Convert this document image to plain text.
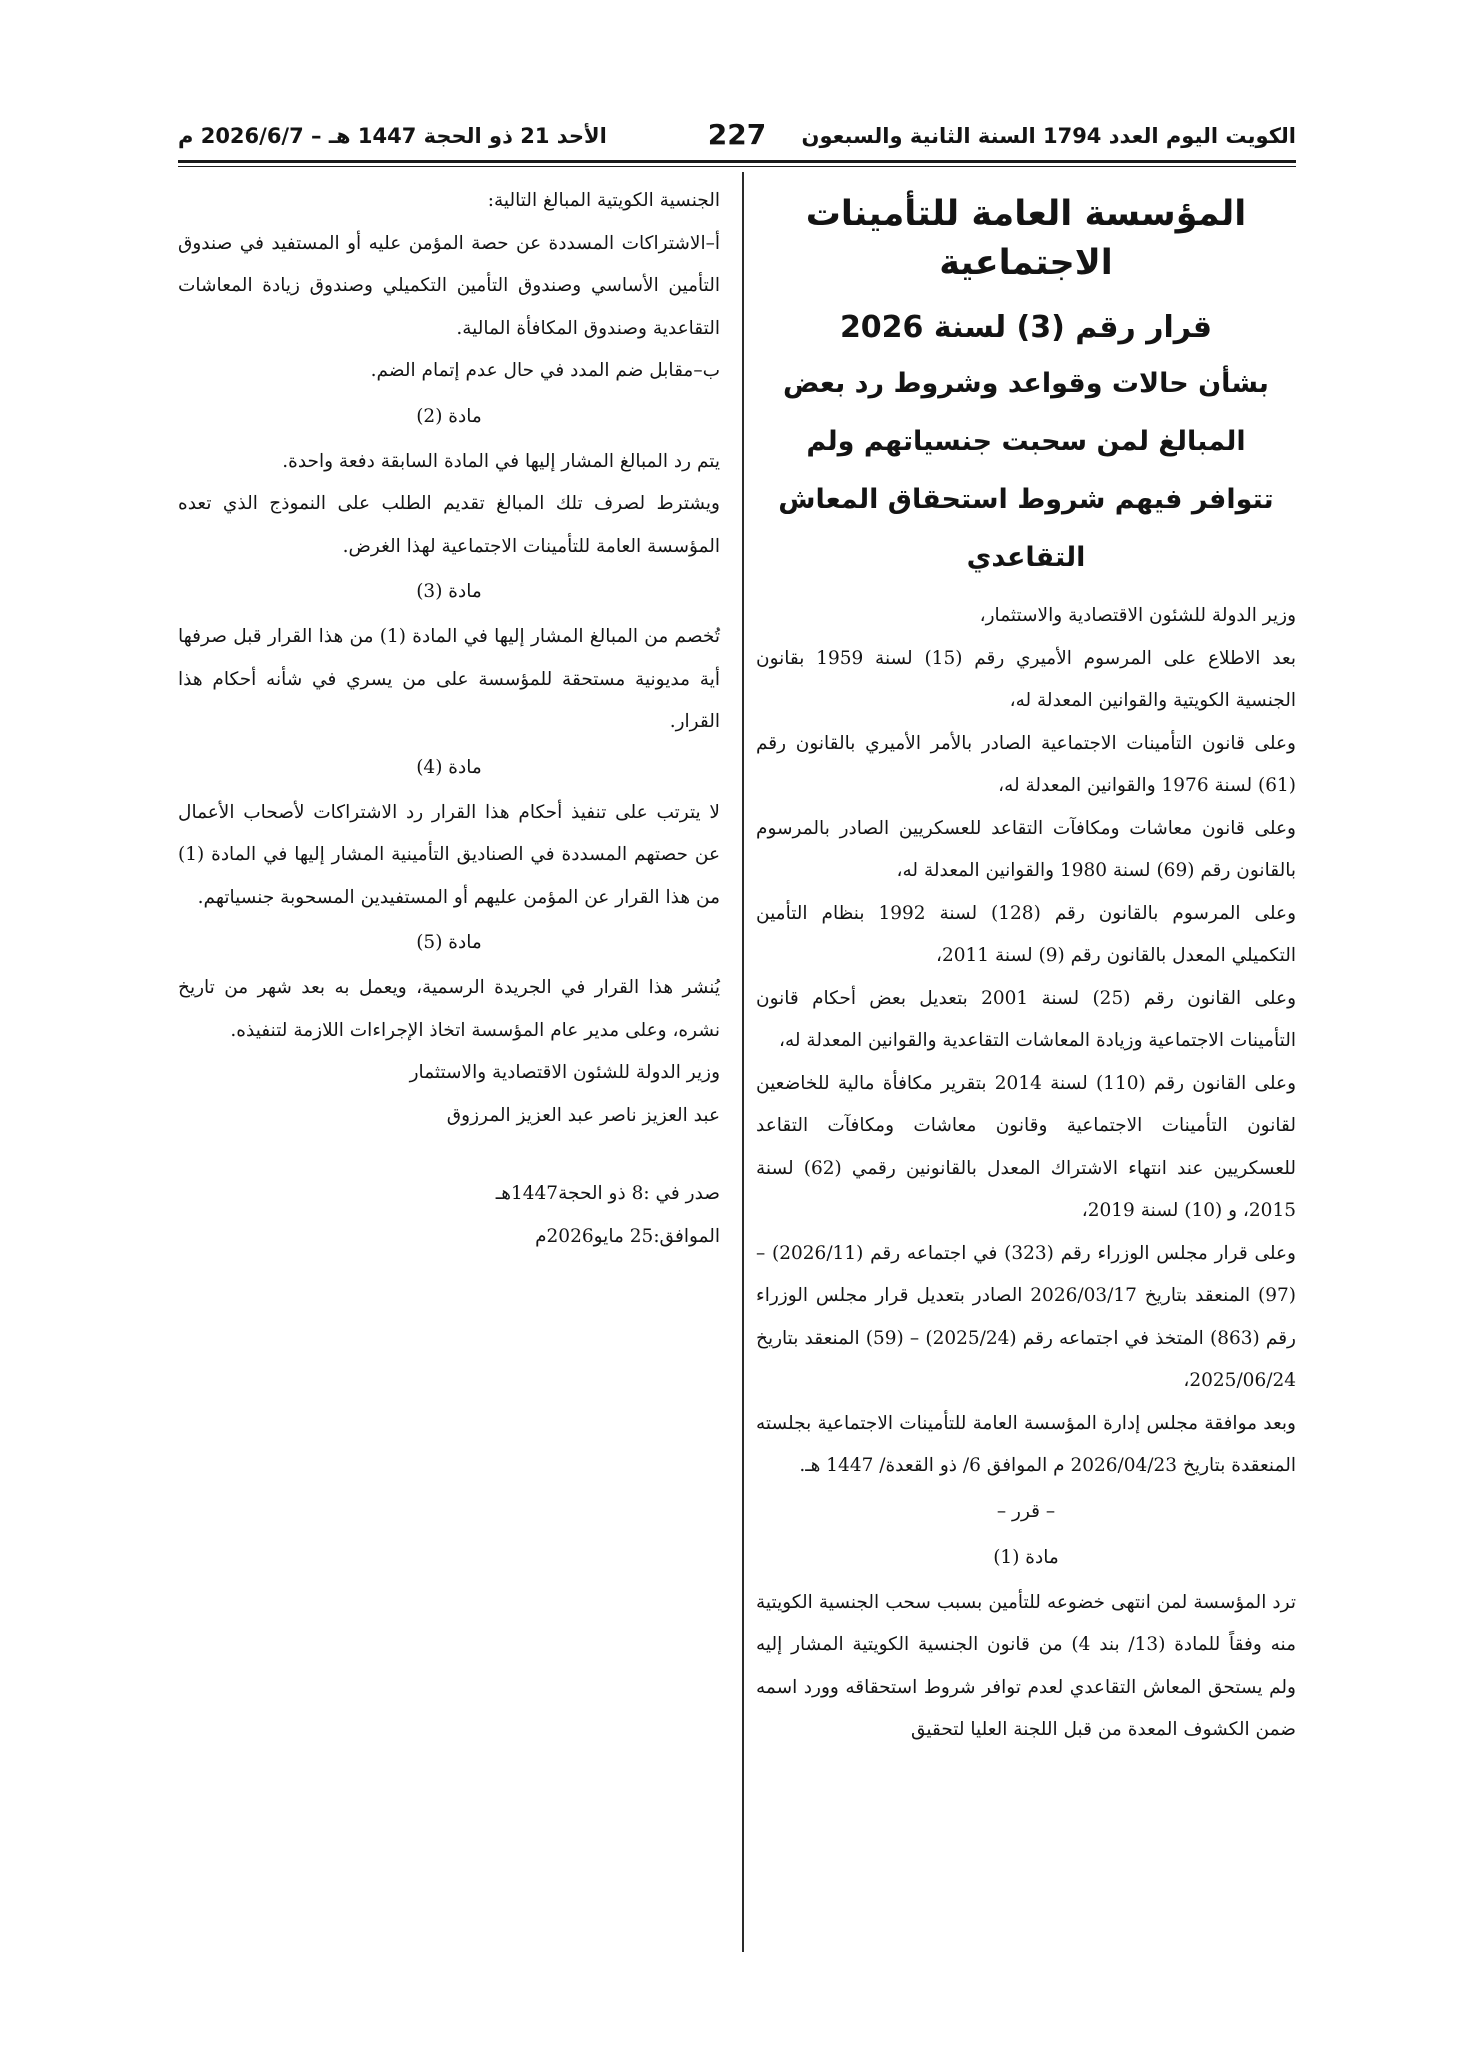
الكويت اليوم العدد 1794 السنة الثانية والسبعون
227
الأحد 21 ذو الحجة 1447 هـ – 2026/6/7 م
المؤسسة العامة للتأمينات الاجتماعية
قرار رقم (3) لسنة 2026
بشأن حالات وقواعد وشروط رد بعض المبالغ لمن سحبت جنسياتهم ولم تتوافر فيهم شروط استحقاق المعاش التقاعدي

وزير الدولة للشئون الاقتصادية والاستثمار،

بعد الاطلاع على المرسوم الأميري رقم (15) لسنة 1959 بقانون الجنسية الكويتية والقوانين المعدلة له،

وعلى قانون التأمينات الاجتماعية الصادر بالأمر الأميري بالقانون رقم (61) لسنة 1976 والقوانين المعدلة له،

وعلى قانون معاشات ومكافآت التقاعد للعسكريين الصادر بالمرسوم بالقانون رقم (69) لسنة 1980 والقوانين المعدلة له،

وعلى المرسوم بالقانون رقم (128) لسنة 1992 بنظام التأمين التكميلي المعدل بالقانون رقم (9) لسنة 2011،

وعلى القانون رقم (25) لسنة 2001 بتعديل بعض أحكام قانون التأمينات الاجتماعية وزيادة المعاشات التقاعدية والقوانين المعدلة له،

وعلى القانون رقم (110) لسنة 2014 بتقرير مكافأة مالية للخاضعين لقانون التأمينات الاجتماعية وقانون معاشات ومكافآت التقاعد للعسكريين عند انتهاء الاشتراك المعدل بالقانونين رقمي (62) لسنة 2015، و (10) لسنة 2019،

وعلى قرار مجلس الوزراء رقم (323) في اجتماعه رقم (2026/11) – (97) المنعقد بتاريخ 2026/03/17 الصادر بتعديل قرار مجلس الوزراء رقم (863) المتخذ في اجتماعه رقم (2025/24) – (59) المنعقد بتاريخ 2025/06/24،

وبعد موافقة مجلس إدارة المؤسسة العامة للتأمينات الاجتماعية بجلسته المنعقدة بتاريخ 2026/04/23 م الموافق 6/ ذو القعدة/ 1447 هـ.

– قرر –
مادة (1)

ترد المؤسسة لمن انتهى خضوعه للتأمين بسبب سحب الجنسية الكويتية منه وفقاً للمادة (13/ بند 4) من قانون الجنسية الكويتية المشار إليه ولم يستحق المعاش التقاعدي لعدم توافر شروط استحقاقه وورد اسمه ضمن الكشوف المعدة من قبل اللجنة العليا لتحقيق

الجنسية الكويتية المبالغ التالية:

أ–الاشتراكات المسددة عن حصة المؤمن عليه أو المستفيد في صندوق التأمين الأساسي وصندوق التأمين التكميلي وصندوق زيادة المعاشات التقاعدية وصندوق المكافأة المالية.

ب–مقابل ضم المدد في حال عدم إتمام الضم.

مادة (2)

يتم رد المبالغ المشار إليها في المادة السابقة دفعة واحدة.

ويشترط لصرف تلك المبالغ تقديم الطلب على النموذج الذي تعده المؤسسة العامة للتأمينات الاجتماعية لهذا الغرض.

مادة (3)

تُخصم من المبالغ المشار إليها في المادة (1) من هذا القرار قبل صرفها أية مديونية مستحقة للمؤسسة على من يسري في شأنه أحكام هذا القرار.

مادة (4)

لا يترتب على تنفيذ أحكام هذا القرار رد الاشتراكات لأصحاب الأعمال عن حصتهم المسددة في الصناديق التأمينية المشار إليها في المادة (1) من هذا القرار عن المؤمن عليهم أو المستفيدين المسحوبة جنسياتهم.

مادة (5)

يُنشر هذا القرار في الجريدة الرسمية، ويعمل به بعد شهر من تاريخ نشره، وعلى مدير عام المؤسسة اتخاذ الإجراءات اللازمة لتنفيذه.

وزير الدولة للشئون الاقتصادية والاستثمار

عبد العزيز ناصر عبد العزيز المرزوق

صدر في :8 ذو الحجة1447هـ

الموافق:25 مايو2026م
